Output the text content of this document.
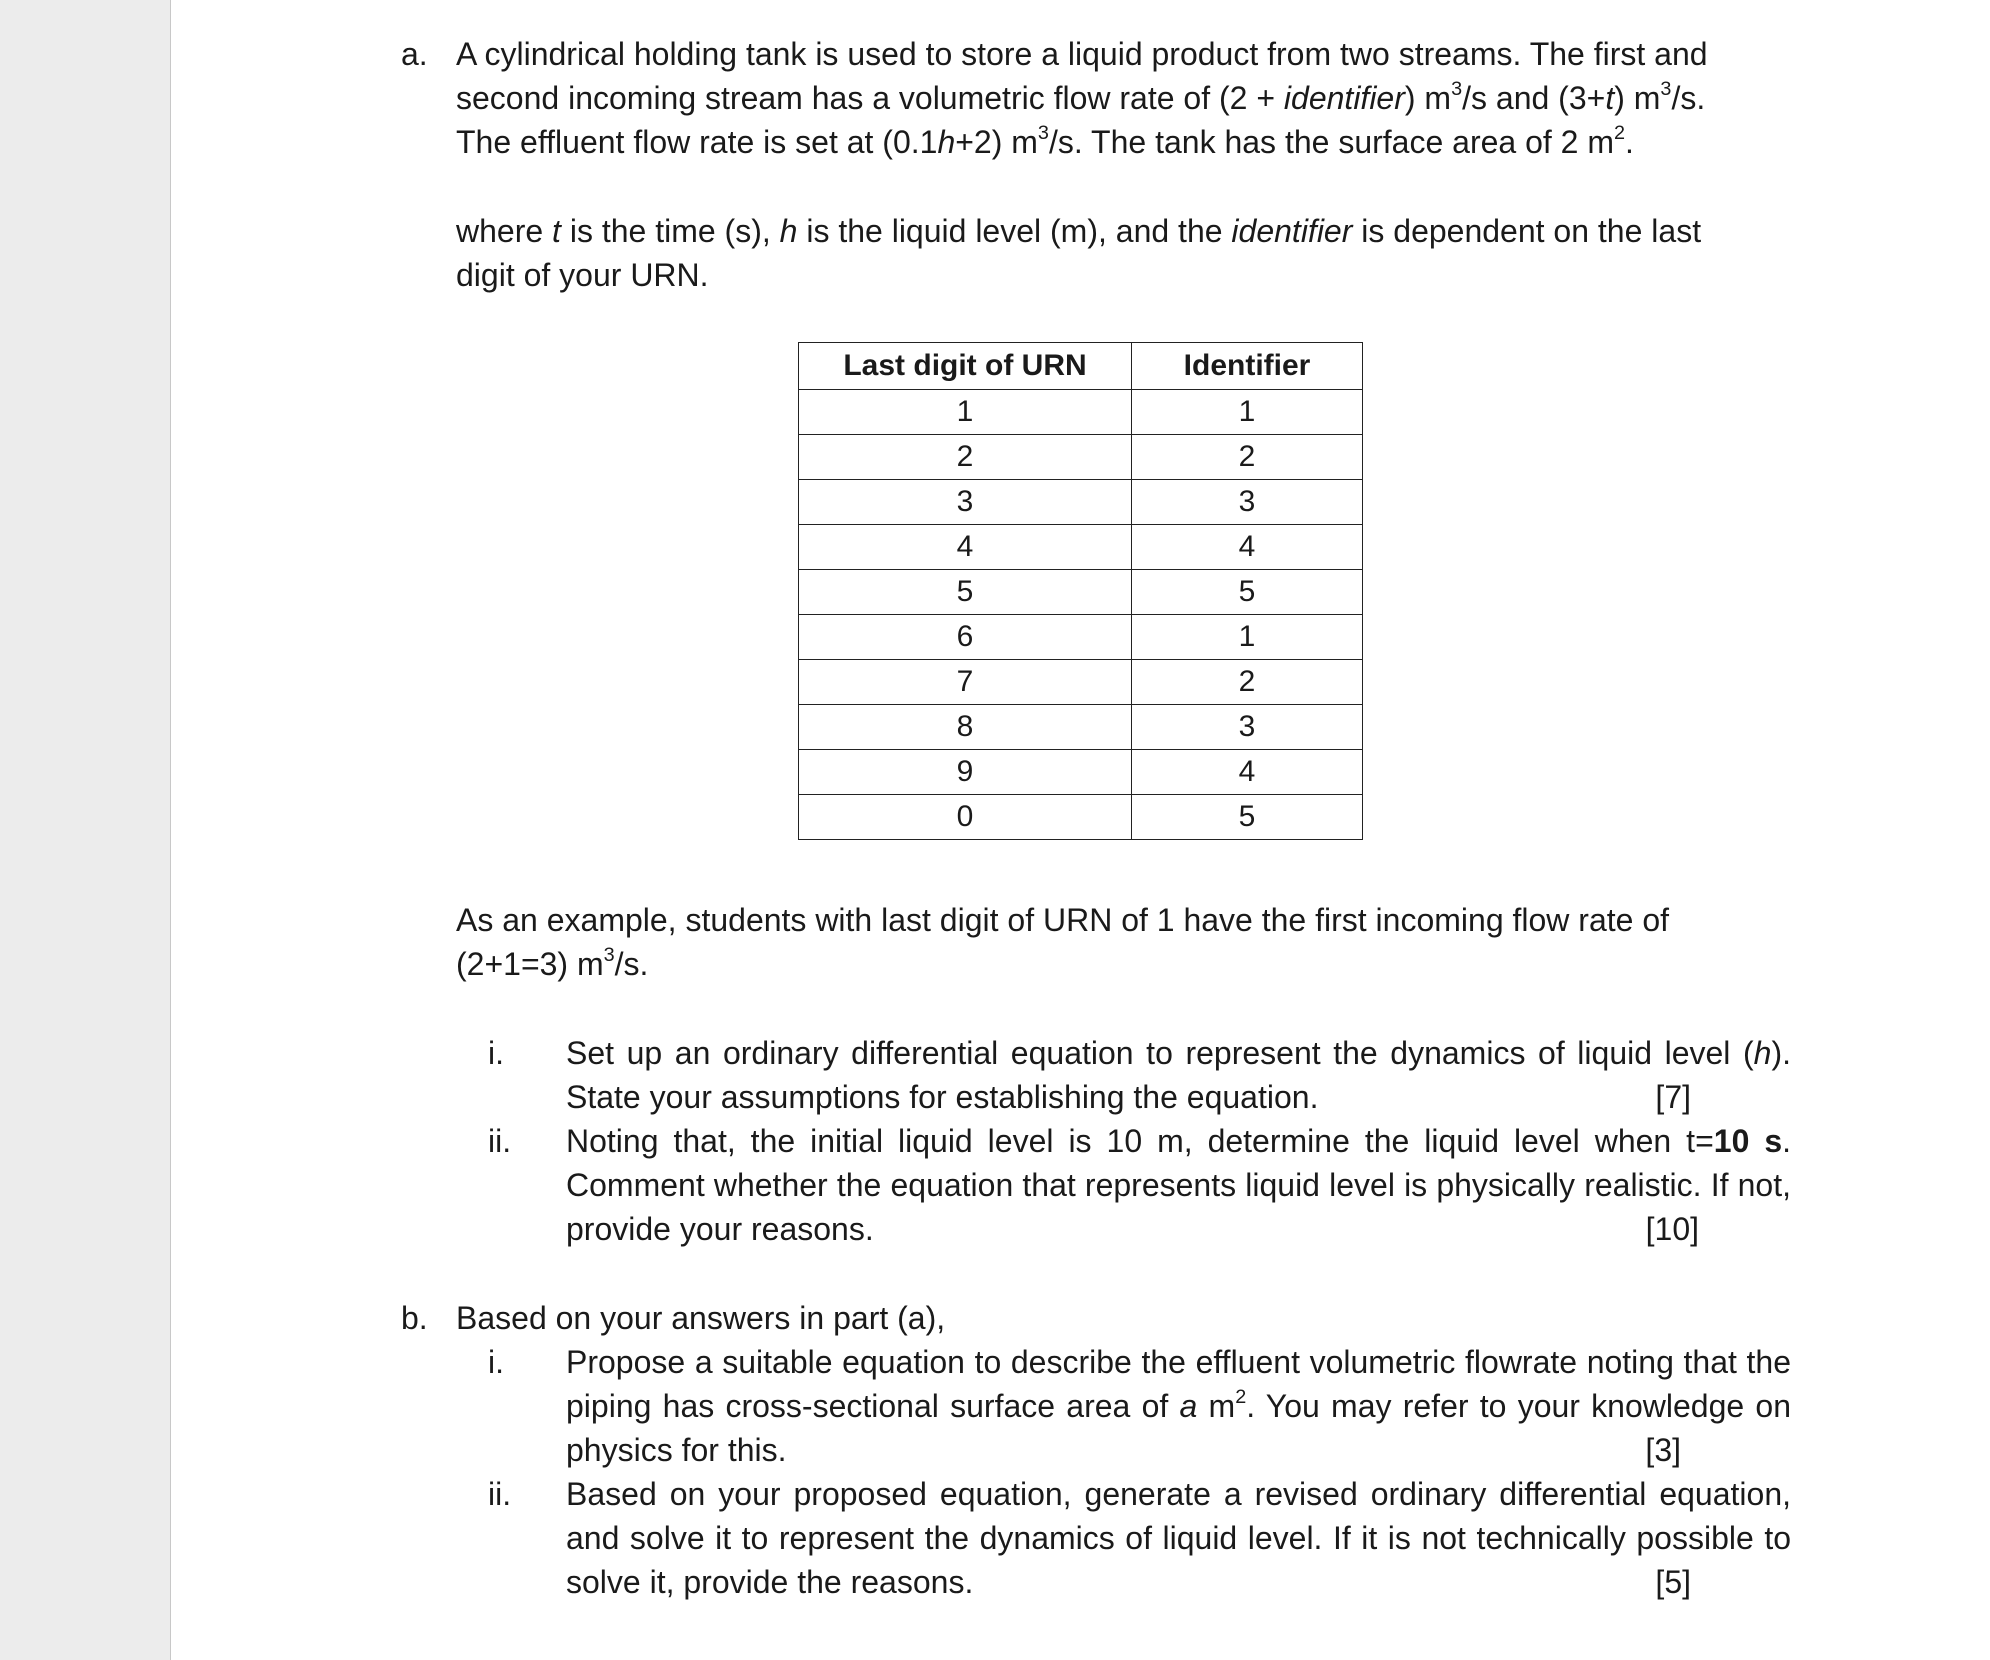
a. A cylindrical holding tank is used to store a liquid product from two streams. The first and

second incoming stream has a volumetric flow rate of (2 + identifier) $m^3/s$ and (3+t) $m^3/s$.

The effluent flow rate is set at (0.1h+2) $m^3/s$. The tank has the surface area of 2 $m^2$.

where t is the time (s), h is the liquid level (m), and the identifier is dependent on the last

digit of your URN.

Last digit of URN	Identifier
1	1
2	2
3	3
4	4
5	5
6	1
7	2
8	3
9	4
0	5

As an example, students with last digit of URN of 1 have the first incoming flow rate of

(2+1=3) $m^3/s$.

i.	Set up an ordinary differential equation to represent the dynamics of liquid level (h). State your assumptions for establishing the equation.	[7]
ii.	Noting that, the initial liquid level is 10 m, determine the liquid level when t=10 s. Comment whether the equation that represents liquid level is physically realistic. If not, provide your reasons.	[10]
b. Based on your answers in part (a),
i.	Propose a suitable equation to describe the effluent volumetric flowrate noting that the piping has cross-sectional surface area of a $m^2$. You may refer to your knowledge on physics for this.	[3]
ii.	Based on your proposed equation, generate a revised ordinary differential equation, and solve it to represent the dynamics of liquid level. If it is not technically possible to solve it, provide the reasons.	[5]
